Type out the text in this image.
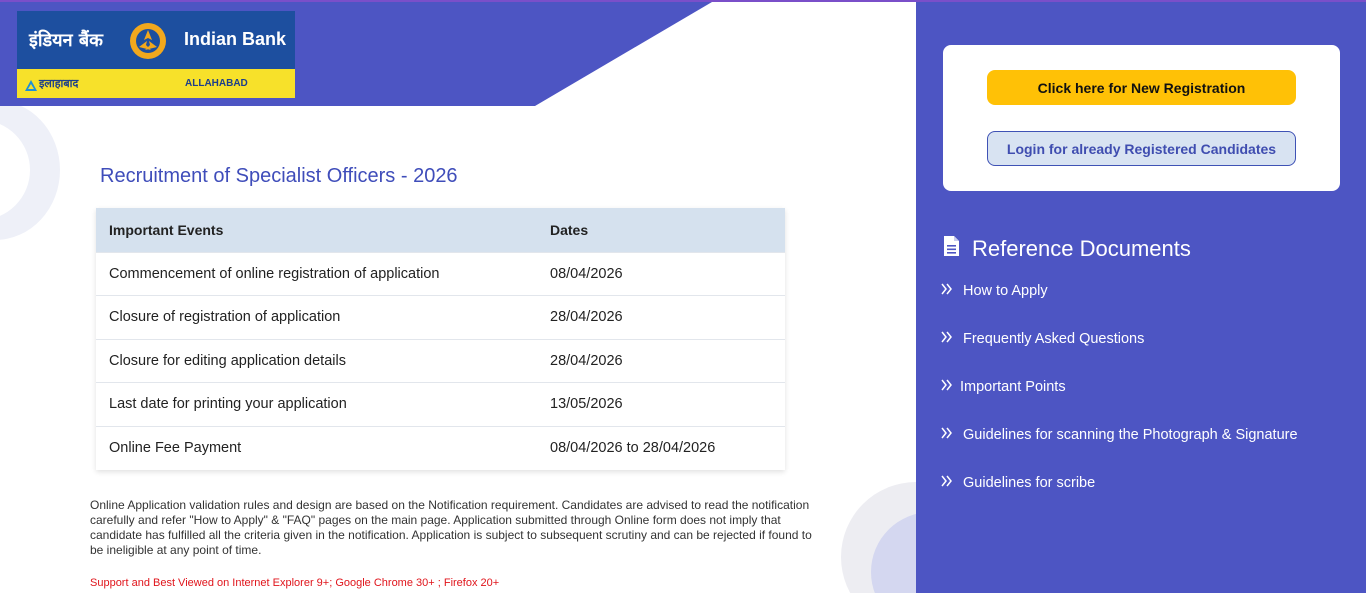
इंडियन बैंक	Indian Bank
इलाहाबाद	ALLAHABAD
Recruitment of Specialist Officers - 2026
Important Events	Dates
Commencement of online registration of application	08/04/2026
Closure of registration of application	28/04/2026
Closure for editing application details	28/04/2026
Last date for printing your application	13/05/2026
Online Fee Payment	08/04/2026 to 28/04/2026

Online Application validation rules and design are based on the Notification requirement. Candidates are advised to read the notification carefully and refer "How to Apply" & "FAQ" pages on the main page. Application submitted through Online form does not imply that candidate has fulfilled all the criteria given in the notification. Application is subject to subsequent scrutiny and can be rejected if found to be ineligible at any point of time.

Support and Best Viewed on Internet Explorer 9+; Google Chrome 30+ ; Firefox 20+

Click here for New Registration
Login for already Registered Candidates
Reference Documents
How to Apply
Frequently Asked Questions
Important Points
Guidelines for scanning the Photograph & Signature
Guidelines for scribe
